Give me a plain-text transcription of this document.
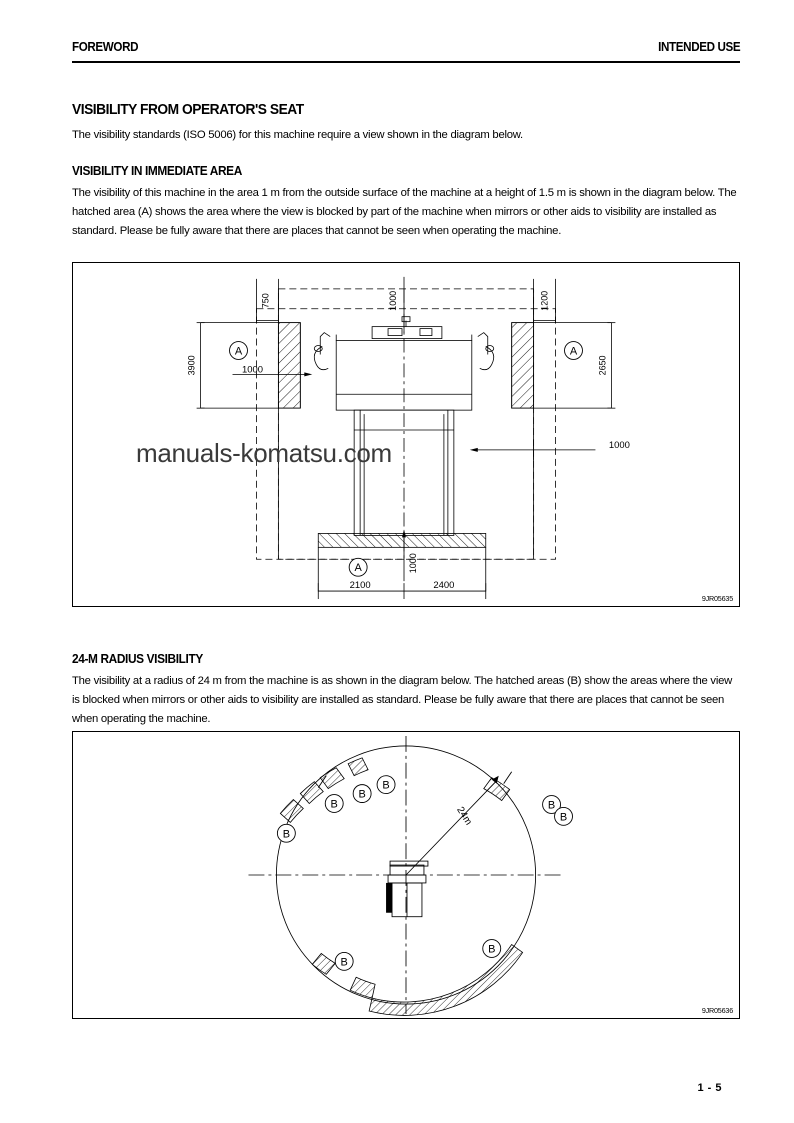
FOREWORD	INTENDED USE
VISIBILITY FROM OPERATOR'S SEAT

The visibility standards (ISO 5006) for this machine require a view shown in the diagram below.

VISIBILITY IN IMMEDIATE AREA

The visibility of this machine in the area 1 m from the outside surface of the machine at a height of 1.5 m is shown in the diagram below. The hatched area (A) shows the area where the view is blocked by part of the machine when mirrors or other aids to visibility are installed as standard. Please be fully aware that there are places that cannot be seen when operating the machine.

A	A
A
750	1000	1200
3900	1000	2650
1000
1000
2100	2400
9JR05635
manuals-komatsu.com
24-M RADIUS VISIBILITY

The visibility at a radius of 24 m from the machine is as shown in the diagram below. The hatched areas (B) show the areas where the view is blocked when mirrors or other aids to visibility are installed as standard. Please be fully aware that there are places that cannot be seen when operating the machine.

B
B
B
B
B
B
B
B
24m
9JR05636
1 - 5
